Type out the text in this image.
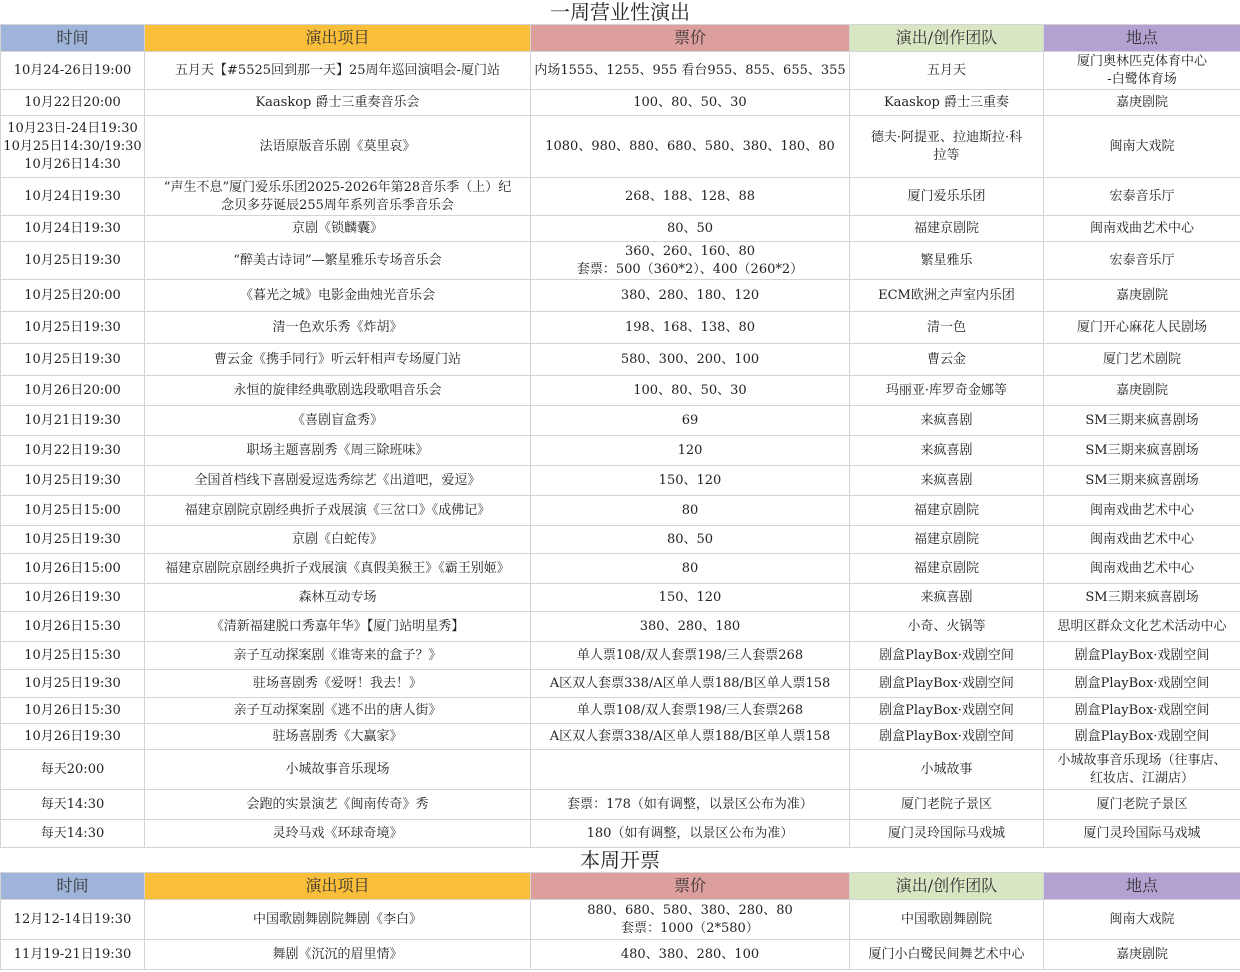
一周营业性演出
时间	演出项目	票价	演出/创作团队	地点

10月24-26日19:00	五月天【#5525回到那一天】25周年巡回演唱会-厦门站	内场1555、1255、955 看台955、855、655、355	五月天	厦门奥林匹克体育中心
-白鹭体育场

10月22日20:00	Kaaskop 爵士三重奏音乐会	100、80、50、30	Kaaskop 爵士三重奏	嘉庚剧院

10月23日-24日19:30
10月25日14:30/19:30
10月26日14:30	法语原版音乐剧《莫里哀》	1080、980、880、680、580、380、180、80	德夫·阿提亚、拉迪斯拉·科
拉等	闽南大戏院

10月24日19:30	“声生不息”厦门爱乐乐团2025-2026年第28音乐季（上）纪
念贝多芬诞辰255周年系列音乐季音乐会	268、188、128、88	厦门爱乐乐团	宏泰音乐厅

10月24日19:30	京剧《锁麟囊》	80、50	福建京剧院	闽南戏曲艺术中心

10月25日19:30	“醉美古诗词”—繁星雅乐专场音乐会	360、260、160、80
套票：500（360*2）、400（260*2）	繁星雅乐	宏泰音乐厅

10月25日20:00	《暮光之城》电影金曲烛光音乐会	380、280、180、120	ECM欧洲之声室内乐团	嘉庚剧院

10月25日19:30	清一色欢乐秀《炸胡》	198、168、138、80	清一色	厦门开心麻花人民剧场

10月25日19:30	曹云金《携手同行》听云轩相声专场厦门站	580、300、200、100	曹云金	厦门艺术剧院

10月26日20:00	永恒的旋律经典歌剧选段歌唱音乐会	100、80、50、30	玛丽亚·库罗奇金娜等	嘉庚剧院

10月21日19:30	《喜剧盲盒秀》	69	来疯喜剧	SM三期来疯喜剧场

10月22日19:30	职场主题喜剧秀《周三除班味》	120	来疯喜剧	SM三期来疯喜剧场

10月25日19:30	全国首档线下喜剧爱逗选秀综艺《出道吧，爱逗》	150、120	来疯喜剧	SM三期来疯喜剧场

10月25日15:00	福建京剧院京剧经典折子戏展演《三岔口》《成佛记》	80	福建京剧院	闽南戏曲艺术中心

10月25日19:30	京剧《白蛇传》	80、50	福建京剧院	闽南戏曲艺术中心

10月26日15:00	福建京剧院京剧经典折子戏展演《真假美猴王》《霸王别姬》	80	福建京剧院	闽南戏曲艺术中心

10月26日19:30	森林互动专场	150、120	来疯喜剧	SM三期来疯喜剧场

10月26日15:30	《清新福建脱口秀嘉年华》【厦门站明星秀】	380、280、180	小奇、火锅等	思明区群众文化艺术活动中心

10月25日15:30	亲子互动探案剧《谁寄来的盒子？》	单人票108/双人套票198/三人套票268	剧盒PlayBox·戏剧空间	剧盒PlayBox·戏剧空间

10月25日19:30	驻场喜剧秀《爱呀！我去！》	A区双人套票338/A区单人票188/B区单人票158	剧盒PlayBox·戏剧空间	剧盒PlayBox·戏剧空间

10月26日15:30	亲子互动探案剧《逃不出的唐人街》	单人票108/双人套票198/三人套票268	剧盒PlayBox·戏剧空间	剧盒PlayBox·戏剧空间

10月26日19:30	驻场喜剧秀《大赢家》	A区双人套票338/A区单人票188/B区单人票158	剧盒PlayBox·戏剧空间	剧盒PlayBox·戏剧空间

每天20:00	小城故事音乐现场		小城故事	小城故事音乐现场（往事店、
红妆店、江湖店）

每天14:30	会跑的实景演艺《闽南传奇》秀	套票：178（如有调整，以景区公布为准）	厦门老院子景区	厦门老院子景区

每天14:30	灵玲马戏《环球奇境》	180（如有调整，以景区公布为准）	厦门灵玲国际马戏城	厦门灵玲国际马戏城
本周开票
时间	演出项目	票价	演出/创作团队	地点

12月12-14日19:30	中国歌剧舞剧院舞剧《李白》	880、680、580、380、280、80
套票：1000（2*580）	中国歌剧舞剧院	闽南大戏院

11月19-21日19:30	舞剧《沉沉的眉里情》	480、380、280、100	厦门小白鹭民间舞艺术中心	嘉庚剧院
